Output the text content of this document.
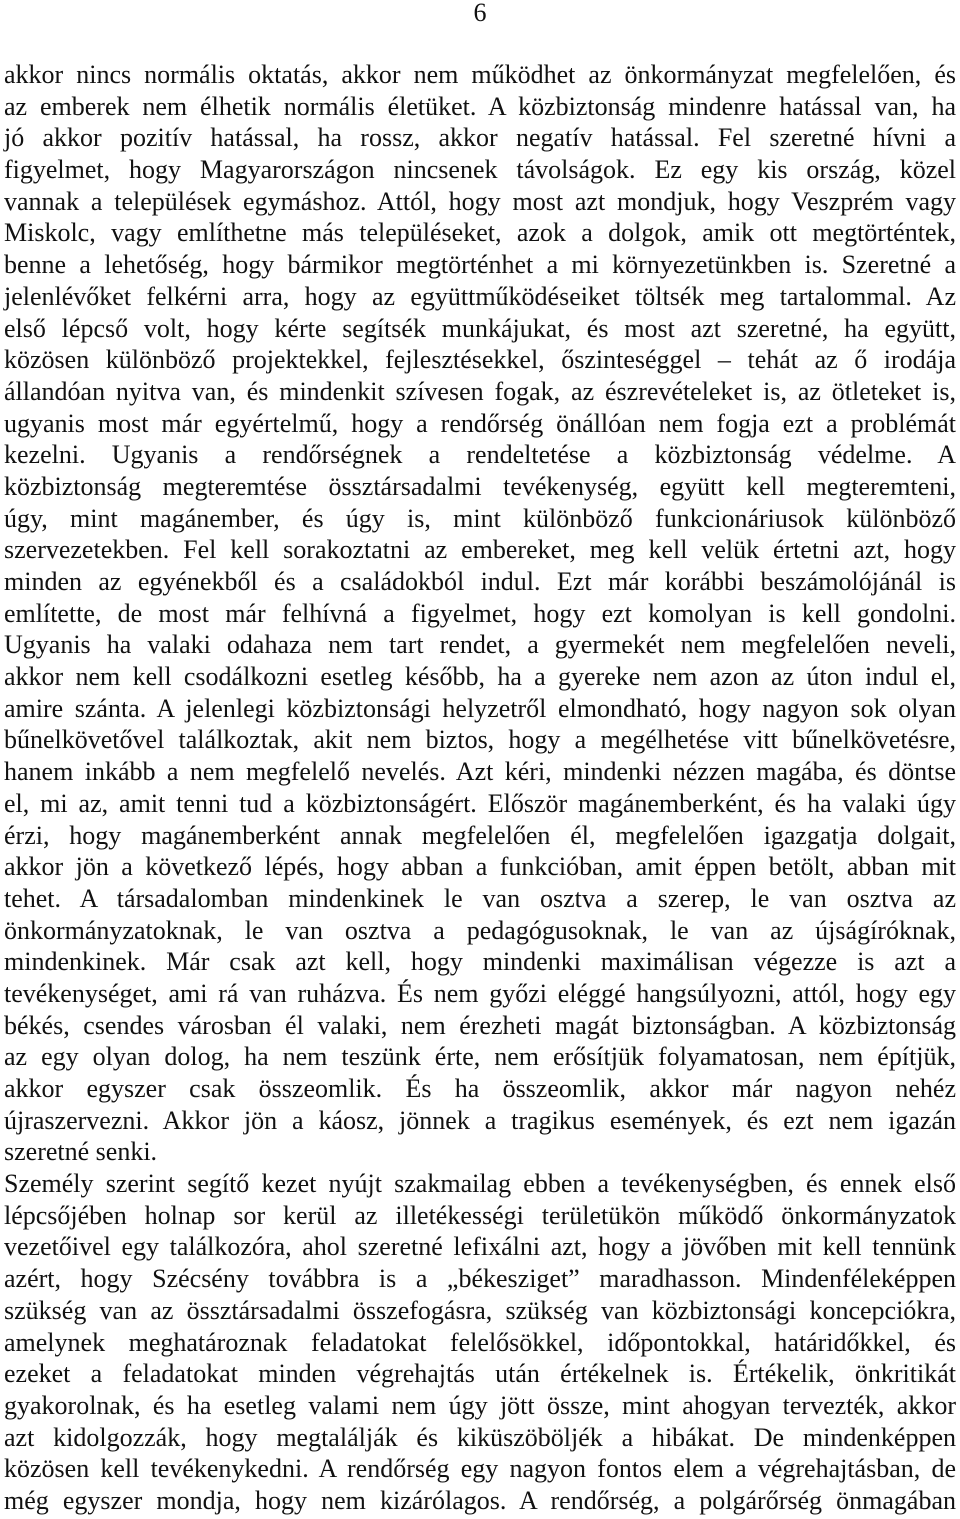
6
akkor nincs normális oktatás, akkor nem működhet az önkormányzat megfelelően, és
az emberek nem élhetik normális életüket. A közbiztonság mindenre hatással van, ha
jó akkor pozitív hatással, ha rossz, akkor negatív hatással. Fel szeretné hívni a
figyelmet, hogy Magyarországon nincsenek távolságok. Ez egy kis ország, közel
vannak a települések egymáshoz. Attól, hogy most azt mondjuk, hogy Veszprém vagy
Miskolc, vagy említhetne más településeket, azok a dolgok, amik ott megtörténtek,
benne a lehetőség, hogy bármikor megtörténhet a mi környezetünkben is. Szeretné a
jelenlévőket felkérni arra, hogy az együttműködéseiket töltsék meg tartalommal. Az
első lépcső volt, hogy kérte segítsék munkájukat, és most azt szeretné, ha együtt,
közösen különböző projektekkel, fejlesztésekkel, őszinteséggel – tehát az ő irodája
állandóan nyitva van, és mindenkit szívesen fogak, az észrevételeket is, az ötleteket is,
ugyanis most már egyértelmű, hogy a rendőrség önállóan nem fogja ezt a problémát
kezelni. Ugyanis a rendőrségnek a rendeltetése a közbiztonság védelme. A
közbiztonság megteremtése össztársadalmi tevékenység, együtt kell megteremteni,
úgy, mint magánember, és úgy is, mint különböző funkcionáriusok különböző
szervezetekben. Fel kell sorakoztatni az embereket, meg kell velük értetni azt, hogy
minden az egyénekből és a családokból indul. Ezt már korábbi beszámolójánál is
említette, de most már felhívná a figyelmet, hogy ezt komolyan is kell gondolni.
Ugyanis ha valaki odahaza nem tart rendet, a gyermekét nem megfelelően neveli,
akkor nem kell csodálkozni esetleg később, ha a gyereke nem azon az úton indul el,
amire szánta. A jelenlegi közbiztonsági helyzetről elmondható, hogy nagyon sok olyan
bűnelkövetővel találkoztak, akit nem biztos, hogy a megélhetése vitt bűnelkövetésre,
hanem inkább a nem megfelelő nevelés. Azt kéri, mindenki nézzen magába, és döntse
el, mi az, amit tenni tud a közbiztonságért. Először magánemberként, és ha valaki úgy
érzi, hogy magánemberként annak megfelelően él, megfelelően igazgatja dolgait,
akkor jön a következő lépés, hogy abban a funkcióban, amit éppen betölt, abban mit
tehet. A társadalomban mindenkinek le van osztva a szerep, le van osztva az
önkormányzatoknak, le van osztva a pedagógusoknak, le van az újságíróknak,
mindenkinek. Már csak azt kell, hogy mindenki maximálisan végezze is azt a
tevékenységet, ami rá van ruházva. És nem győzi eléggé hangsúlyozni, attól, hogy egy
békés, csendes városban él valaki, nem érezheti magát biztonságban. A közbiztonság
az egy olyan dolog, ha nem teszünk érte, nem erősítjük folyamatosan, nem építjük,
akkor egyszer csak összeomlik. És ha összeomlik, akkor már nagyon nehéz
újraszervezni. Akkor jön a káosz, jönnek a tragikus események, és ezt nem igazán
szeretné senki.
Személy szerint segítő kezet nyújt szakmailag ebben a tevékenységben, és ennek első
lépcsőjében holnap sor kerül az illetékességi területükön működő önkormányzatok
vezetőivel egy találkozóra, ahol szeretné lefixálni azt, hogy a jövőben mit kell tennünk
azért, hogy Szécsény továbbra is a „békesziget” maradhasson. Mindenféleképpen
szükség van az össztársadalmi összefogásra, szükség van közbiztonsági koncepciókra,
amelynek meghatároznak feladatokat felelősökkel, időpontokkal, határidőkkel, és
ezeket a feladatokat minden végrehajtás után értékelnek is. Értékelik, önkritikát
gyakorolnak, és ha esetleg valami nem úgy jött össze, mint ahogyan tervezték, akkor
azt kidolgozzák, hogy megtalálják és kiküszöböljék a hibákat. De mindenképpen
közösen kell tevékenykedni. A rendőrség egy nagyon fontos elem a végrehajtásban, de
még egyszer mondja, hogy nem kizárólagos. A rendőrség, a polgárőrség önmagában
